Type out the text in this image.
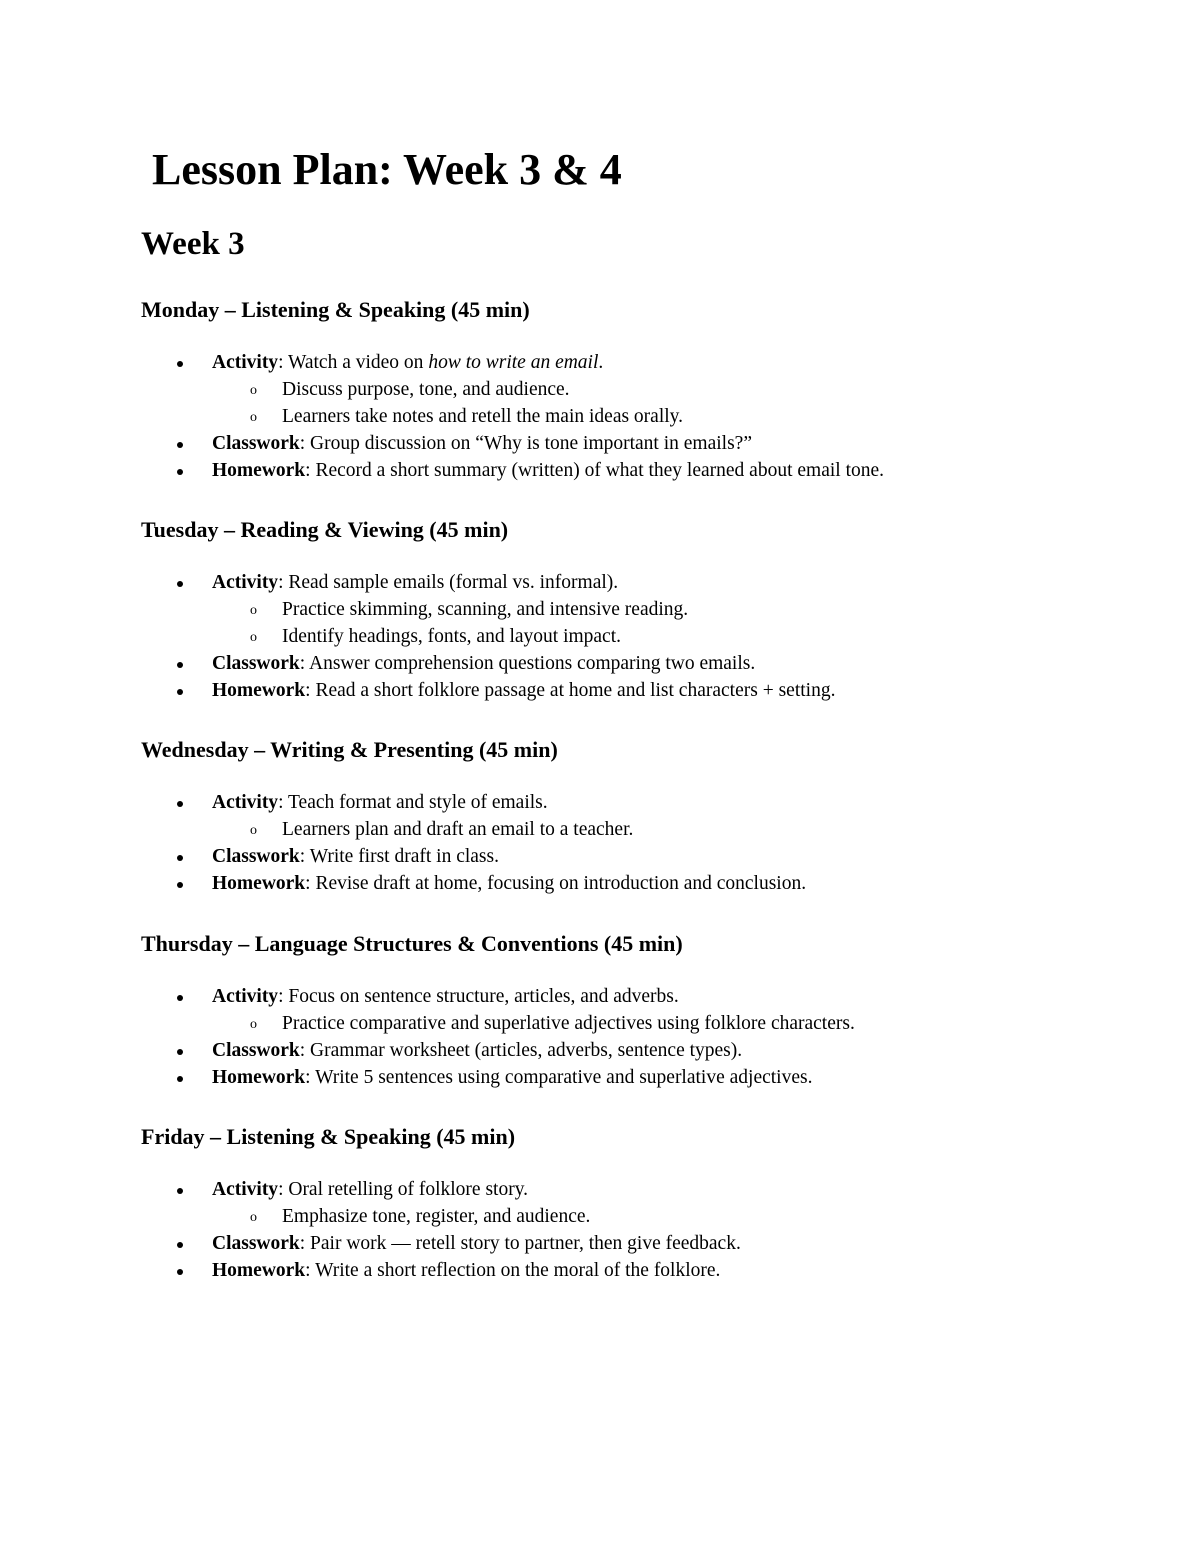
Lesson Plan: Week 3 & 4
Week 3
Monday – Listening & Speaking (45 min)
Activity: Watch a video on how to write an email.
o Discuss purpose, tone, and audience.
o Learners take notes and retell the main ideas orally.
Classwork: Group discussion on “Why is tone important in emails?”
Homework: Record a short summary (written) of what they learned about email tone.
Tuesday – Reading & Viewing (45 min)
Activity: Read sample emails (formal vs. informal).
o Practice skimming, scanning, and intensive reading.
o Identify headings, fonts, and layout impact.
Classwork: Answer comprehension questions comparing two emails.
Homework: Read a short folklore passage at home and list characters + setting.
Wednesday – Writing & Presenting (45 min)
Activity: Teach format and style of emails.
o Learners plan and draft an email to a teacher.
Classwork: Write first draft in class.
Homework: Revise draft at home, focusing on introduction and conclusion.
Thursday – Language Structures & Conventions (45 min)
Activity: Focus on sentence structure, articles, and adverbs.
o Practice comparative and superlative adjectives using folklore characters.
Classwork: Grammar worksheet (articles, adverbs, sentence types).
Homework: Write 5 sentences using comparative and superlative adjectives.
Friday – Listening & Speaking (45 min)
Activity: Oral retelling of folklore story.
o Emphasize tone, register, and audience.
Classwork: Pair work — retell story to partner, then give feedback.
Homework: Write a short reflection on the moral of the folklore.
